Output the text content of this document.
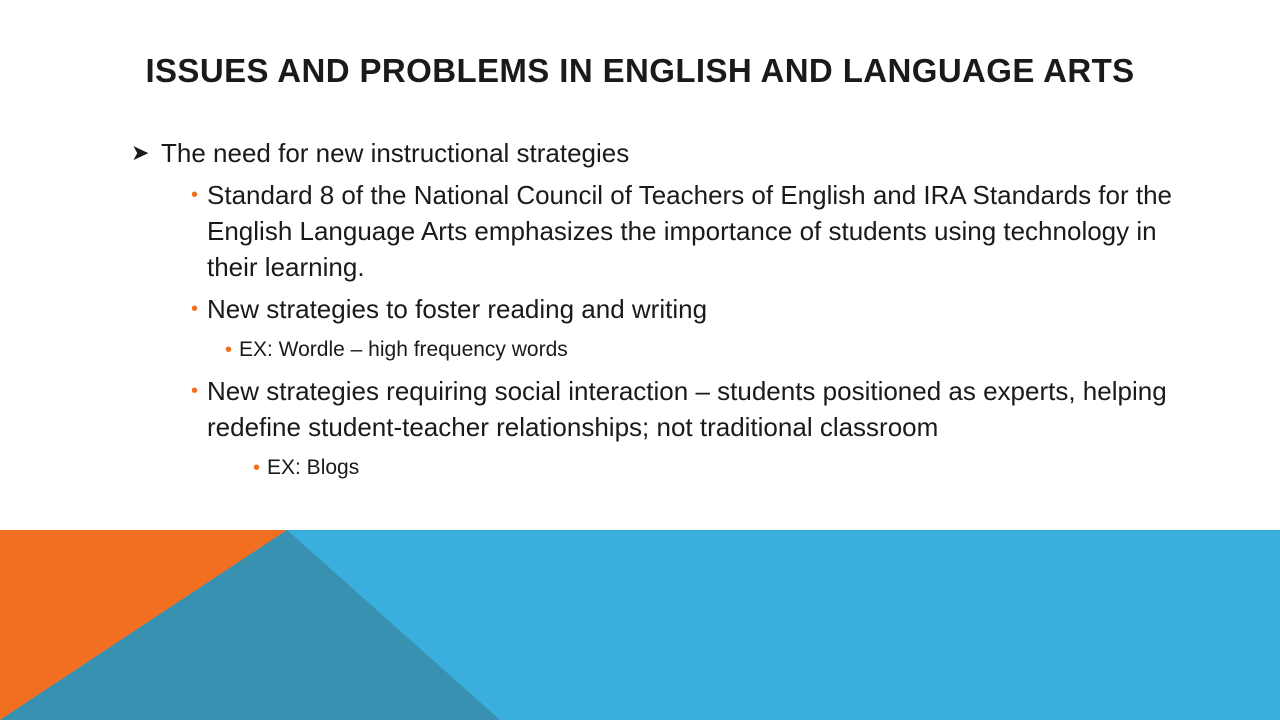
ISSUES AND PROBLEMS IN ENGLISH AND LANGUAGE ARTS
➤ The need for new instructional strategies
• Standard 8 of the National Council of Teachers of English and IRA Standards for the English Language Arts emphasizes the importance of students using technology in their learning.
• New strategies to foster reading and writing
• EX: Wordle – high frequency words
• New strategies requiring social interaction – students positioned as experts, helping redefine student-teacher relationships; not traditional classroom
• EX: Blogs
